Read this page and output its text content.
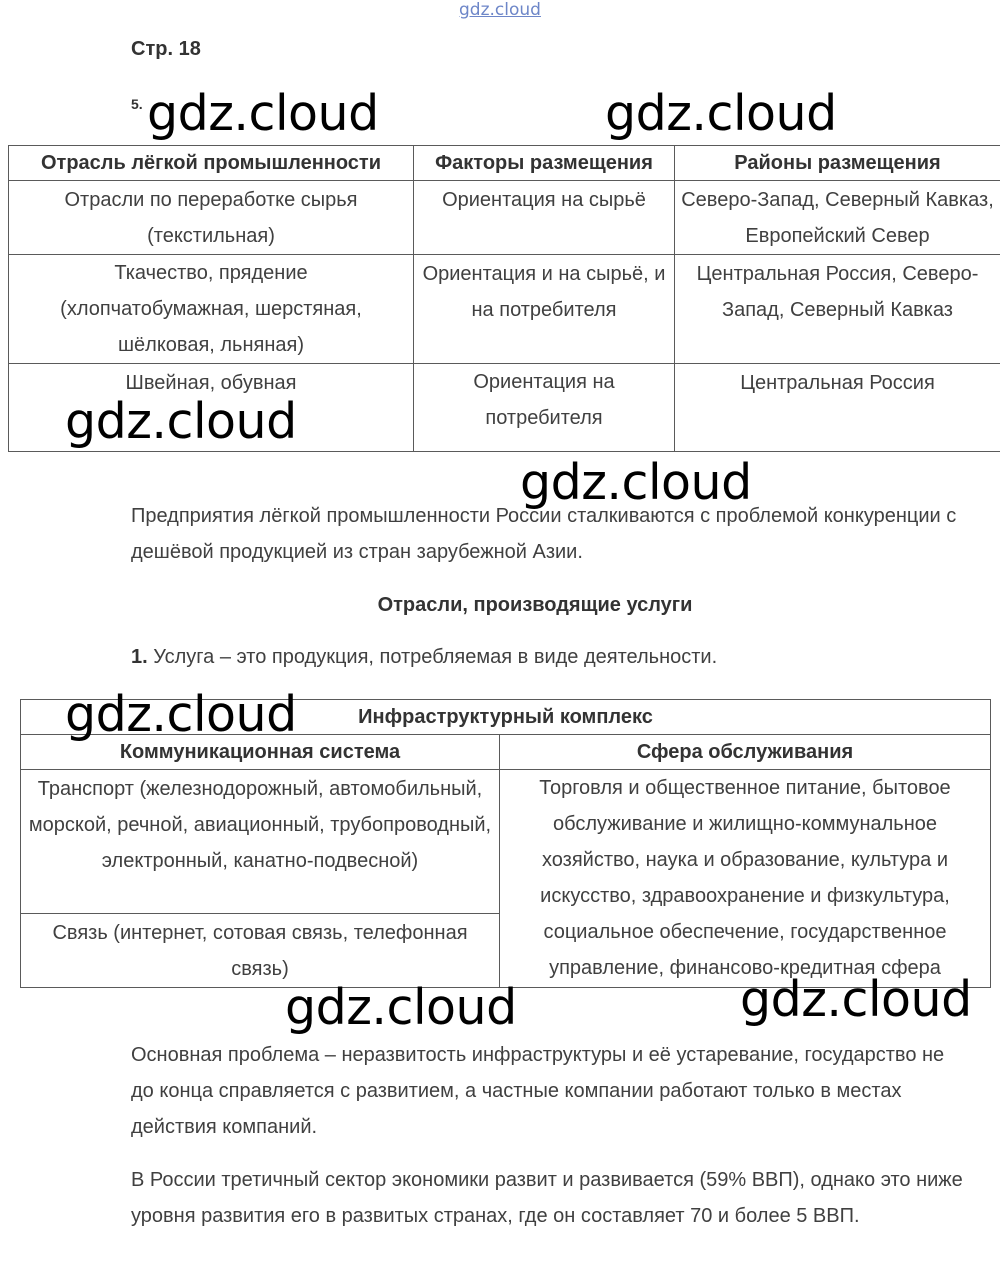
gdz.cloud
Стр. 18
5.
Отрасль лёгкой промышленности	Факторы размещения	Районы размещения
Отрасли по переработке сырья (текстильная)	Ориентация на сырьё	Северо-Запад, Северный Кавказ, Европейский Север
Ткачество, прядение (хлопчатобумажная, шерстяная, шёлковая, льняная)	Ориентация и на сырьё, и на потребителя	Центральная Россия, Северо-Запад, Северный Кавказ
Швейная, обувная	Ориентация на потребителя	Центральная Россия
Предприятия лёгкой промышленности России сталкиваются с проблемой конкуренции с дешёвой продукцией из стран зарубежной Азии.
Отрасли, производящие услуги
1. Услуга – это продукция, потребляемая в виде деятельности.
Инфраструктурный комплекс	
Коммуникационная система	Сфера обслуживания
Транспорт (железнодорожный, автомобильный, морской, речной, авиационный, трубопроводный, электронный, канатно-подвесной)	Торговля и общественное питание, бытовое обслуживание и жилищно-коммунальное хозяйство, наука и образование, культура и искусство, здравоохранение и физкультура, социальное обеспечение, государственное управление, финансово-кредитная сфера
Связь (интернет, сотовая связь, телефонная связь)	
Основная проблема – неразвитость инфраструктуры и её устаревание, государство не до конца справляется с развитием, а частные компании работают только в местах действия компаний.
В России третичный сектор экономики развит и развивается (59% ВВП), однако это ниже уровня развития его в развитых странах, где он составляет 70 и более 5 ВВП.
gdz.cloud	gdz.cloud
gdz.cloud
gdz.cloud
gdz.cloud
gdz.cloud	gdz.cloud
